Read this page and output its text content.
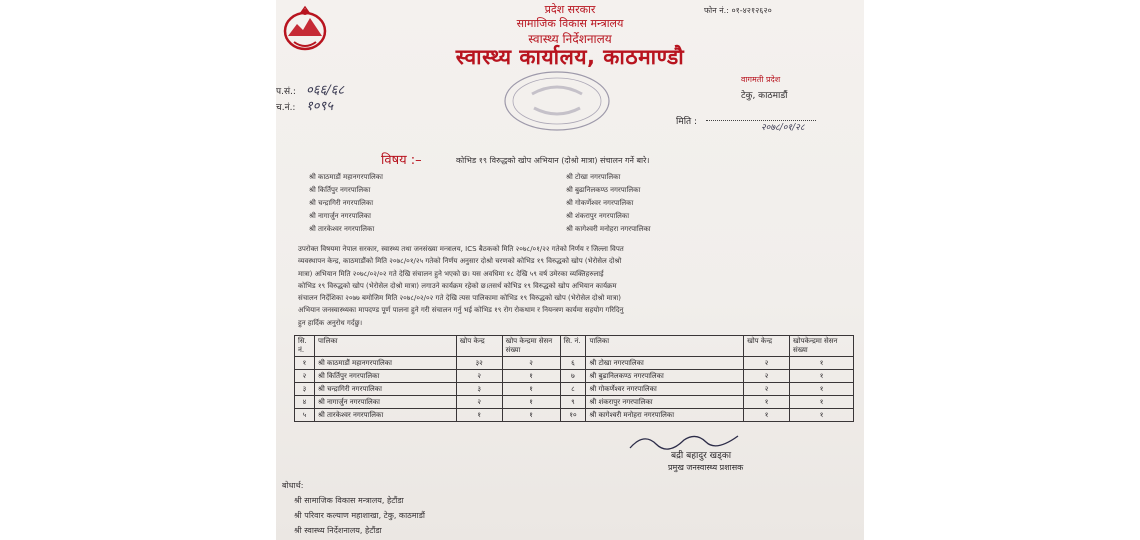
प्रदेश सरकार
सामाजिक विकास मन्त्रालय
स्वास्थ्य निर्देशनालय
स्वास्थ्य कार्यालय, काठमाण्डौ
फोन नं.: ०१-४२१२६२०
प.सं.: ०६६/६८
च.नं.: १०९५
वागमती प्रदेश
टेकु, काठमाडौं
मिति :
२०७८/०१/२८
विषय :–	कोभिड १९ विरुद्धको खोप अभियान (दोश्रो मात्रा) संचालन गर्ने बारे।
श्री काठमाडौं महानगरपालिका
श्री किर्तिपुर नगरपालिका
श्री चन्द्रागिरी नगरपालिका
श्री नागार्जुन नगरपालिका
श्री तारकेश्वर नगरपालिका
श्री टोखा नगरपालिका
श्री बुढानिलकण्ठ नगरपालिका
श्री गोकर्णेश्वर नगरपालिका
श्री शंकरापुर नगरपालिका
श्री कागेश्वरी मनोहरा नगरपालिका
उपरोक्त विषयमा नेपाल सरकार, स्वास्थ्य तथा जनसंख्या मन्त्रालय, ICS बैठकको मिति २०७८/०१/२२ गतेको निर्णय र जिल्ला विपत
व्यवस्थापन केन्द्र, काठमाडौंको मिति २०७८/०१/२५ गतेको निर्णय अनुसार दोश्रो चरणको कोभिड १९ विरुद्धको खोप (भेरोसेल दोश्रो
मात्रा) अभियान मिति २०७८/०२/०२ गते देखि संचालन हुने भएको छ। यस अवधिमा १८ देखि ५९ वर्ष उमेरका व्यक्तिहरुलाई
कोभिड १९ विरुद्धको खोप (भेरोसेल दोश्रो मात्रा) लगाउने कार्यक्रम रहेको छ।तसर्थ कोभिड १९ विरुद्धको खोप अभियान कार्यक्रम
संचालन निर्देशिका २०७७ बमोजिम मिति २०७८/०२/०२ गते देखि त्यस पालिकामा कोभिड १९ विरुद्धको खोप (भेरोसेल दोश्रो मात्रा)
अभियान जनस्वास्थ्यका मापदण्ड पूर्ण पालना हुने गरी संचालन गर्नु भई कोभिड १९ रोग रोकथाम र नियन्त्रण कार्यमा सहयोग गरिदिनु
हुन हार्दिक अनुरोध गर्दछु।
सि. नं.	पालिका	खोप केन्द्र	खोप केन्द्रमा सेसन संख्या	सि. नं.	पालिका	खोप केन्द्र	खोपकेन्द्रमा सेसन संख्या
१	श्री काठमाडौं महानगरपालिका	३२	२	६	श्री टोखा नगरपालिका	२	१
२	श्री किर्तिपुर नगरपालिका	२	१	७	श्री बुढानिलकण्ठ नगरपालिका	२	१
३	श्री चन्द्रागिरी नगरपालिका	३	१	८	श्री गोकर्णेश्वर नगरपालिका	२	१
४	श्री नागार्जुन नगरपालिका	२	१	९	श्री शंकरापुर नगरपालिका	१	१
५	श्री तारकेश्वर नगरपालिका	१	१	१०	श्री कागेश्वरी मनोहरा नगरपालिका	१	१
बद्री बहादुर खड्का
प्रमुख जनस्वास्थ्य प्रशासक
बोधार्थ:
श्री सामाजिक विकास मन्त्रालय, हेटौंडा
श्री परिवार कल्याण महाशाखा, टेकु, काठमाडौं
श्री स्वास्थ्य निर्देशनालय, हेटौंडा
